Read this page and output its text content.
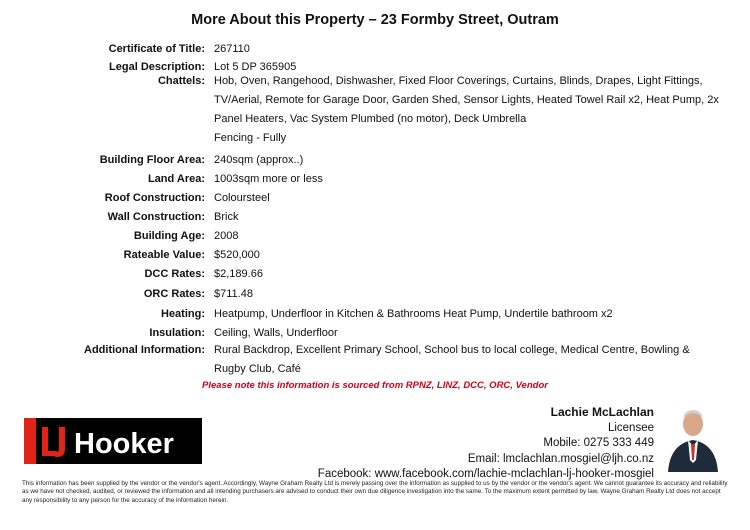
More About this Property – 23 Formby Street, Outram
Certificate of Title: 267110
Legal Description: Lot 5 DP 365905
Chattels: Hob, Oven, Rangehood, Dishwasher, Fixed Floor Coverings, Curtains, Blinds, Drapes, Light Fittings, TV/Aerial, Remote for Garage Door, Garden Shed, Sensor Lights, Heated Towel Rail x2, Heat Pump, 2x Panel Heaters, Vac System Plumbed (no motor), Deck Umbrella
Fencing - Fully
Building Floor Area: 240sqm (approx..)
Land Area: 1003sqm more or less
Roof Construction: Coloursteel
Wall Construction: Brick
Building Age: 2008
Rateable Value: $520,000
DCC Rates: $2,189.66
ORC Rates: $711.48
Heating: Heatpump, Underfloor in Kitchen & Bathrooms Heat Pump, Undertile bathroom x2
Insulation: Ceiling, Walls, Underfloor
Additional Information: Rural Backdrop, Excellent Primary School, School bus to local college, Medical Centre, Bowling & Rugby Club, Café
Please note this information is sourced from RPNZ, LINZ, DCC, ORC, Vendor
Hooker
Lachie McLachlan
Licensee
Mobile: 0275 333 449
Email: lmclachlan.mosgiel@ljh.co.nz
Facebook: www.facebook.com/lachie-mclachlan-lj-hooker-mosgiel
This information has been supplied by the vendor or the vendor's agent. Accordingly, Wayne Graham Realty Ltd is merely passing over the information as supplied to us by the vendor or the vendor's agent. We cannot guarantee its accuracy and reliability as we have not checked, audited, or reviewed the information and all intending purchasers are advised to conduct their own due diligence investigation into the same. To the maximum extent permitted by law, Wayne Graham Realty Ltd does not accept any responsibility to any person for the accuracy of the information herein.
